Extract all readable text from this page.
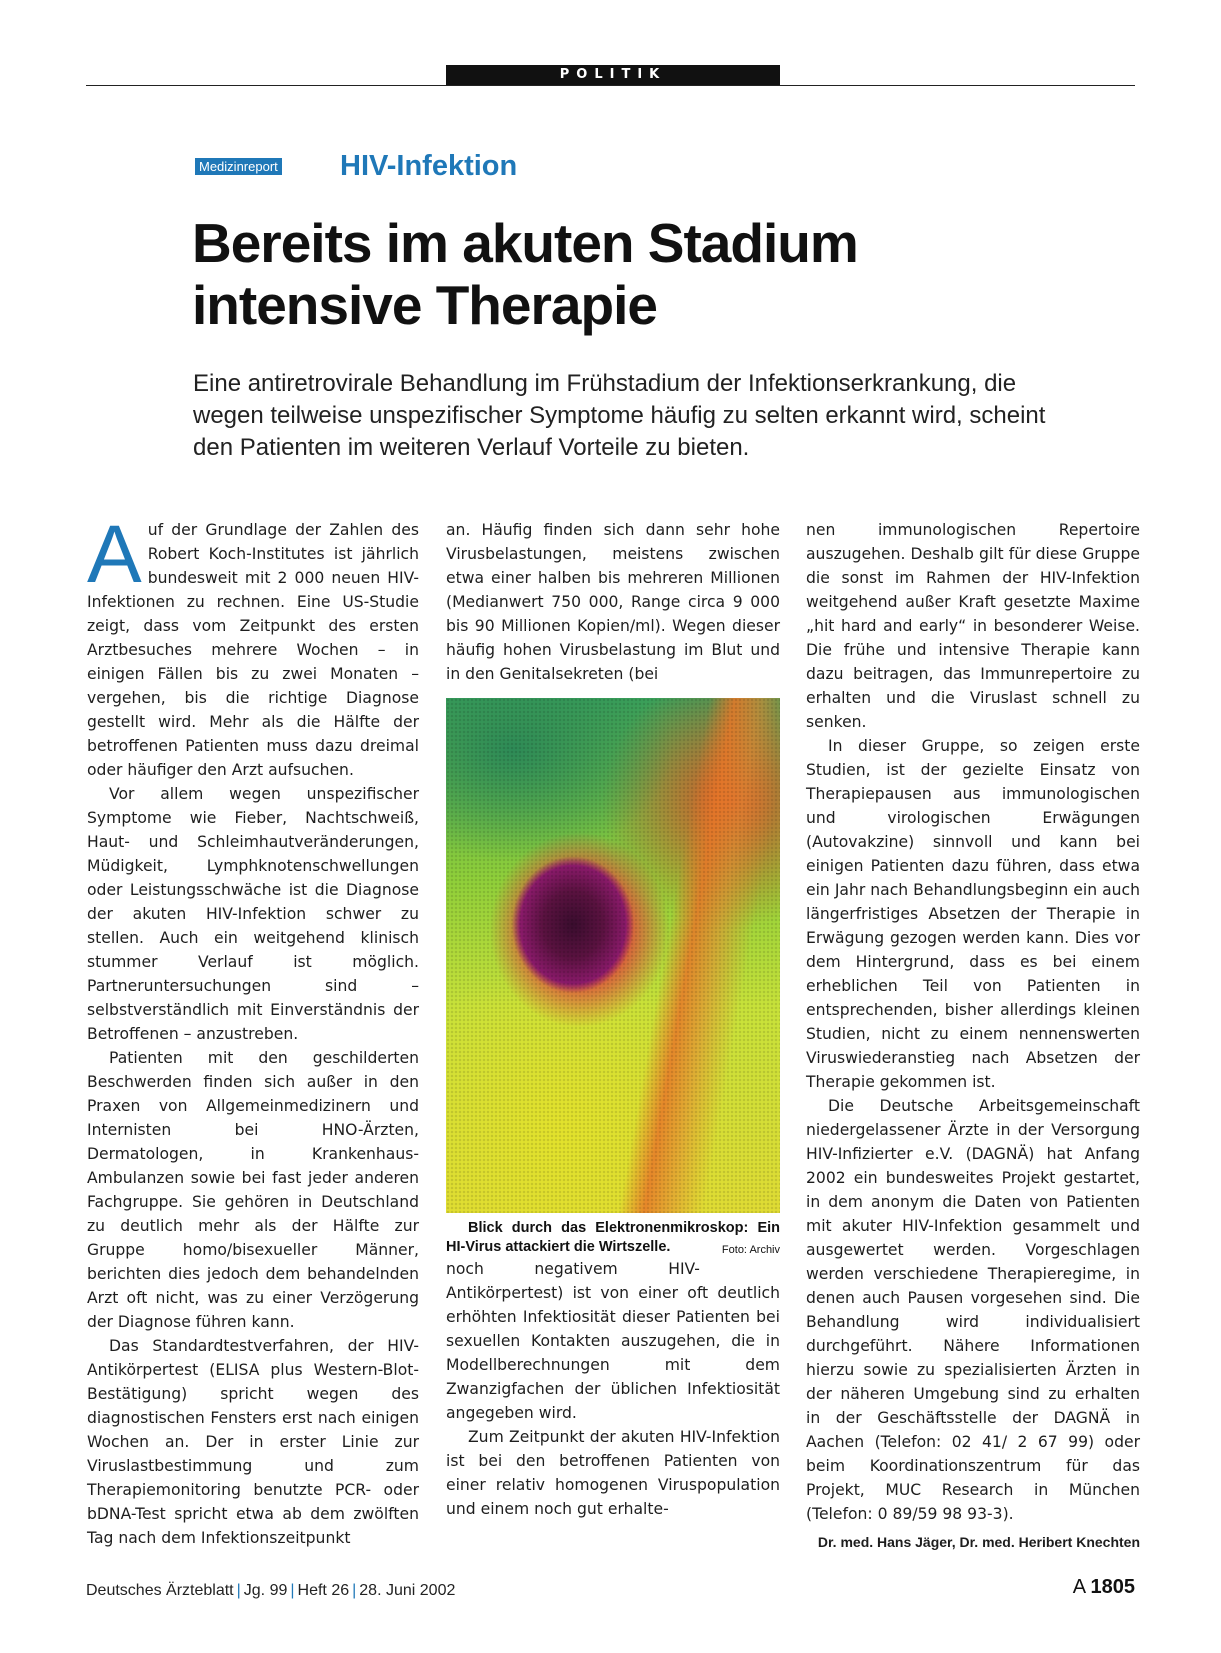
POLITIK
Medizinreport HIV-Infektion
Bereits im akuten Stadium
intensive Therapie

Eine antiretrovirale Behandlung im Frühstadium der Infektionserkrankung, die wegen teilweise unspezifischer Symptome häufig zu selten erkannt wird, scheint den Patienten im weiteren Verlauf Vorteile zu bieten.

Auf der Grundlage der Zahlen des Robert Koch-Institutes ist jährlich bundesweit mit 2 000 neuen HIV-Infektionen zu rechnen. Eine US-Studie zeigt, dass vom Zeitpunkt des ersten Arztbesuches mehrere Wochen – in einigen Fällen bis zu zwei Monaten – vergehen, bis die richtige Diagnose gestellt wird. Mehr als die Hälfte der betroffenen Patienten muss dazu dreimal oder häufiger den Arzt aufsuchen.

Vor allem wegen unspezifischer Symptome wie Fieber, Nachtschweiß, Haut- und Schleimhautveränderungen, Müdigkeit, Lymphknotenschwellungen oder Leistungsschwäche ist die Diagnose der akuten HIV-Infektion schwer zu stellen. Auch ein weitgehend klinisch stummer Verlauf ist möglich. Partneruntersuchungen sind – selbstverständlich mit Einverständnis der Betroffenen – anzustreben.

Patienten mit den geschilderten Beschwerden finden sich außer in den Praxen von Allgemeinmedizinern und Internisten bei HNO-Ärzten, Dermatologen, in Krankenhaus-Ambulanzen sowie bei fast jeder anderen Fachgruppe. Sie gehören in Deutschland zu deutlich mehr als der Hälfte zur Gruppe homo/bisexueller Männer, berichten dies jedoch dem behandelnden Arzt oft nicht, was zu einer Verzögerung der Diagnose führen kann.

Das Standardtestverfahren, der HIV-Antikörpertest (ELISA plus Western-Blot-Bestätigung) spricht wegen des diagnostischen Fensters erst nach einigen Wochen an. Der in erster Linie zur Viruslastbestimmung und zum Therapiemonitoring benutzte PCR- oder bDNA-Test spricht etwa ab dem zwölften Tag nach dem Infektionszeitpunkt

an. Häufig finden sich dann sehr hohe Virusbelastungen, meistens zwischen etwa einer halben bis mehreren Millionen (Medianwert 750 000, Range circa 9 000 bis 90 Millionen Kopien/ml). Wegen dieser häufig hohen Virusbelastung im Blut und in den Genitalsekreten (bei

Blick durch das Elektronenmikroskop: Ein HI-Virus attackiert die Wirtszelle.	Foto: Archiv

noch negativem HIV-Antikörpertest) ist von einer oft deutlich erhöhten Infektiosität dieser Patienten bei sexuellen Kontakten auszugehen, die in Modellberechnungen mit dem Zwanzigfachen der üblichen Infektiosität angegeben wird.

Zum Zeitpunkt der akuten HIV-Infektion ist bei den betroffenen Patienten von einer relativ homogenen Viruspopulation und einem noch gut erhalte-

nen immunologischen Repertoire auszugehen. Deshalb gilt für diese Gruppe die sonst im Rahmen der HIV-Infektion weitgehend außer Kraft gesetzte Maxime „hit hard and early“ in besonderer Weise. Die frühe und intensive Therapie kann dazu beitragen, das Immunrepertoire zu erhalten und die Viruslast schnell zu senken.

In dieser Gruppe, so zeigen erste Studien, ist der gezielte Einsatz von Therapiepausen aus immunologischen und virologischen Erwägungen (Autovakzine) sinnvoll und kann bei einigen Patienten dazu führen, dass etwa ein Jahr nach Behandlungsbeginn ein auch längerfristiges Absetzen der Therapie in Erwägung gezogen werden kann. Dies vor dem Hintergrund, dass es bei einem erheblichen Teil von Patienten in entsprechenden, bisher allerdings kleinen Studien, nicht zu einem nennenswerten Viruswiederanstieg nach Absetzen der Therapie gekommen ist.

Die Deutsche Arbeitsgemeinschaft niedergelassener Ärzte in der Versorgung HIV-Infizierter e.V. (DAGNÄ) hat Anfang 2002 ein bundesweites Projekt gestartet, in dem anonym die Daten von Patienten mit akuter HIV-Infektion gesammelt und ausgewertet werden. Vorgeschlagen werden verschiedene Therapieregime, in denen auch Pausen vorgesehen sind. Die Behandlung wird individualisiert durchgeführt. Nähere Informationen hierzu sowie zu spezialisierten Ärzten in der näheren Umgebung sind zu erhalten in der Geschäftsstelle der DAGNÄ in Aachen (Telefon: 02 41/ 2 67 99) oder beim Koordinationszentrum für das Projekt, MUC Research in München (Telefon: 0 89/59 98 93-3).

Dr. med. Hans Jäger, Dr. med. Heribert Knechten
Deutsches Ärzteblatt | Jg. 99 | Heft 26 | 28. Juni 2002	A 1805
